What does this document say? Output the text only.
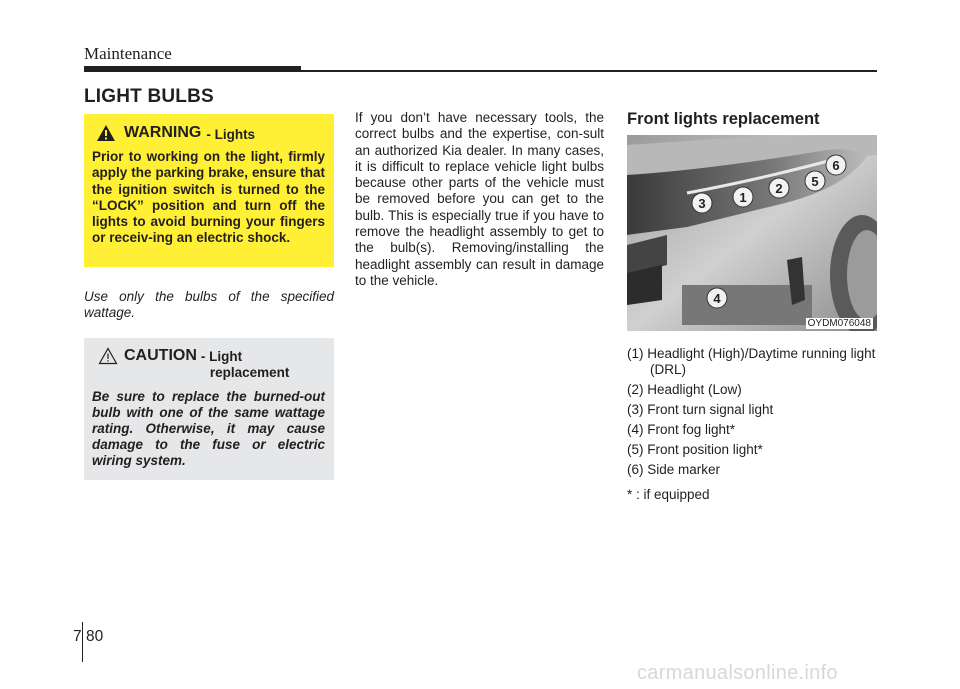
Maintenance
LIGHT BULBS
WARNING - Lights
Prior to working on the light, firmly apply the parking brake, ensure that the ignition switch is turned to the “LOCK” position and turn off the lights to avoid burning your fingers or receiv-ing an electric shock.
Use only the bulbs of the specified wattage.
CAUTION - Light
replacement
Be sure to replace the burned-out bulb with one of the same wattage rating. Otherwise, it may cause damage to the fuse or electric wiring system.
If you don’t have necessary tools, the correct bulbs and the expertise, con-sult an authorized Kia dealer. In many cases, it is difficult to replace vehicle light bulbs because other parts of the vehicle must be removed before you can get to the bulb. This is especially true if you have to remove the headlight assembly to get to the bulb(s). Removing/installing the headlight assembly can result in damage to the vehicle.
Front lights replacement
3	1
2 5
6
4
OYDM076048
(1) Headlight (High)/Daytime running light (DRL)
(2) Headlight (Low)
(3) Front turn signal light
(4) Front fog light*
(5) Front position light*
(6) Side marker
* : if equipped
7 80
carmanualsonline.info
